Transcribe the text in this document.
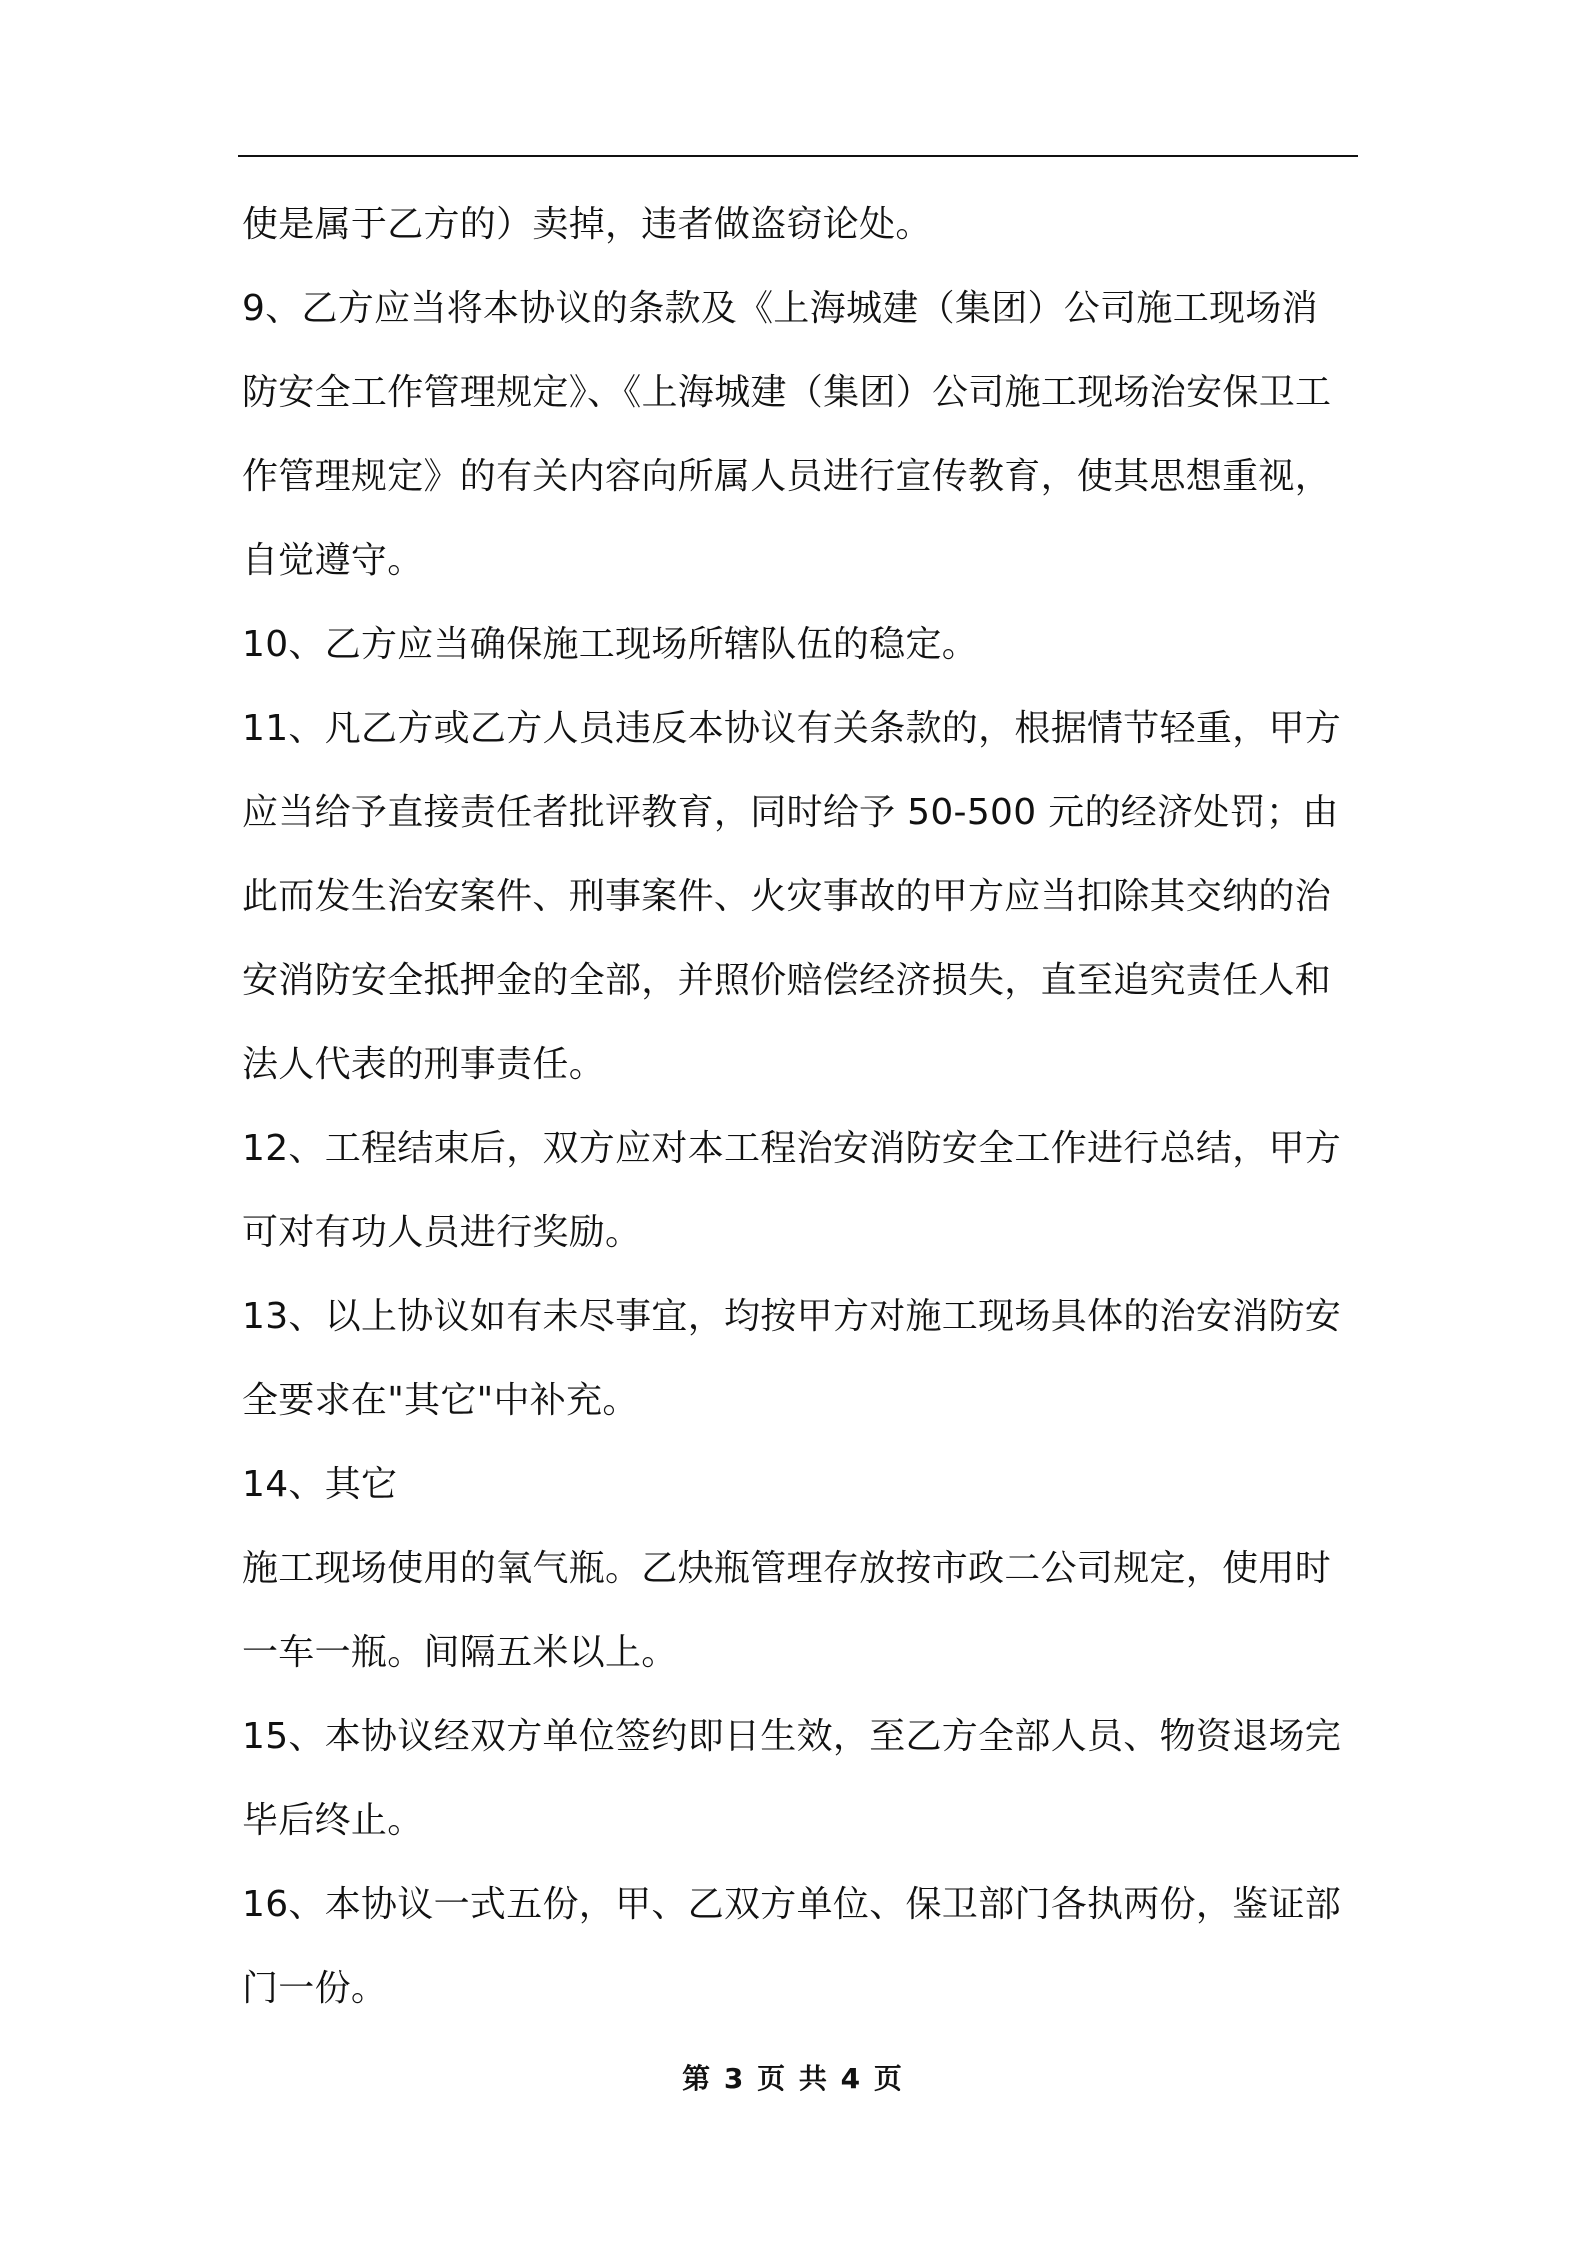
使是属于乙方的）卖掉，违者做盗窃论处。
9、乙方应当将本协议的条款及《上海城建（集团）公司施工现场消
防安全工作管理规定》、《上海城建（集团）公司施工现场治安保卫工
作管理规定》的有关内容向所属人员进行宣传教育，使其思想重视，
自觉遵守。
10、乙方应当确保施工现场所辖队伍的稳定。
11、凡乙方或乙方人员违反本协议有关条款的，根据情节轻重，甲方
应当给予直接责任者批评教育，同时给予 50-500 元的经济处罚；由
此而发生治安案件、刑事案件、火灾事故的甲方应当扣除其交纳的治
安消防安全抵押金的全部，并照价赔偿经济损失，直至追究责任人和
法人代表的刑事责任。
12、工程结束后，双方应对本工程治安消防安全工作进行总结，甲方
可对有功人员进行奖励。
13、以上协议如有未尽事宜，均按甲方对施工现场具体的治安消防安
全要求在"其它"中补充。
14、其它
施工现场使用的氧气瓶。乙炔瓶管理存放按市政二公司规定，使用时
一车一瓶。间隔五米以上。
15、本协议经双方单位签约即日生效，至乙方全部人员、物资退场完
毕后终止。
16、本协议一式五份，甲、乙双方单位、保卫部门各执两份，鉴证部
门一份。
第 3 页 共 4 页
